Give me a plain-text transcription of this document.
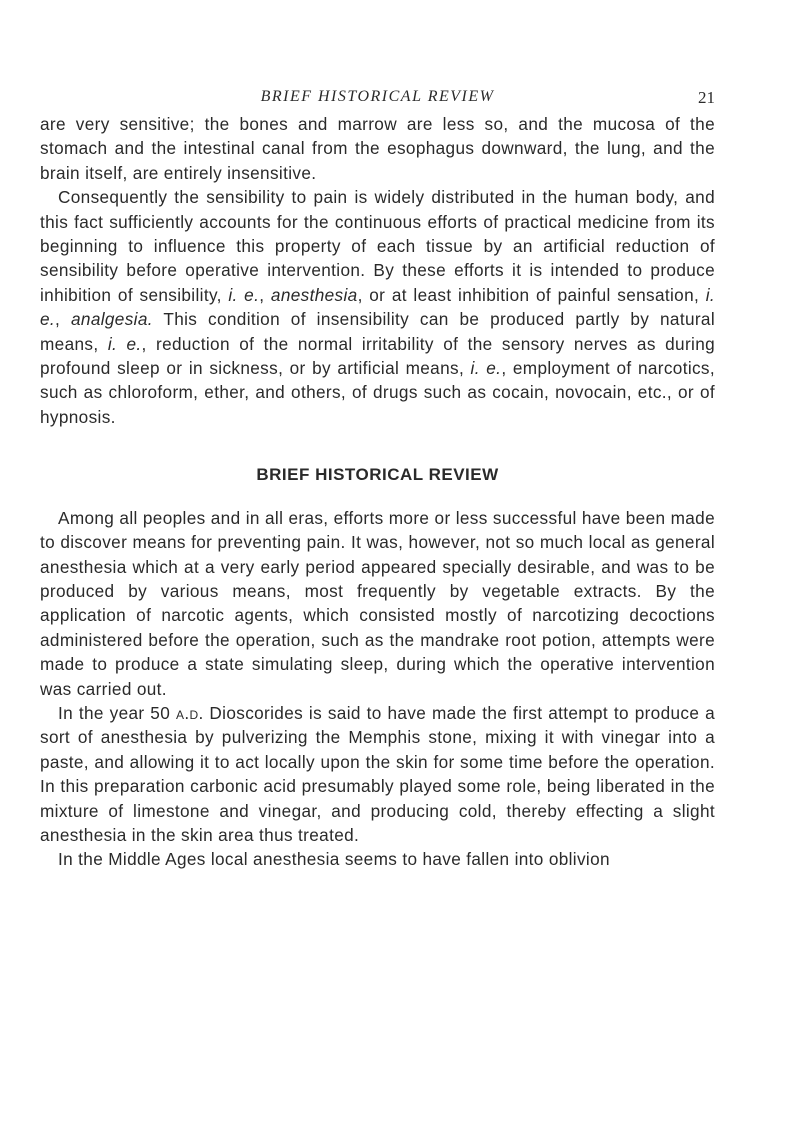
BRIEF HISTORICAL REVIEW	21

are very sensitive; the bones and marrow are less so, and the mucosa of the stomach and the intestinal canal from the esophagus downward, the lung, and the brain itself, are entirely insensitive.

Consequently the sensibility to pain is widely distributed in the human body, and this fact sufficiently accounts for the continuous efforts of practical medicine from its beginning to influence this property of each tissue by an artificial reduction of sensibility before operative intervention. By these efforts it is intended to produce inhibition of sensibility, i. e., anesthesia, or at least inhibition of painful sensation, i. e., analgesia. This condition of insensibility can be produced partly by natural means, i. e., reduction of the normal irritability of the sensory nerves as during profound sleep or in sickness, or by artificial means, i. e., employment of narcotics, such as chloroform, ether, and others, of drugs such as cocain, novocain, etc., or of hypnosis.

BRIEF HISTORICAL REVIEW

Among all peoples and in all eras, efforts more or less successful have been made to discover means for preventing pain. It was, however, not so much local as general anesthesia which at a very early period appeared specially desirable, and was to be produced by various means, most frequently by vegetable extracts. By the application of narcotic agents, which consisted mostly of narcotizing decoctions administered before the operation, such as the mandrake root potion, attempts were made to produce a state simulating sleep, during which the operative intervention was carried out.

In the year 50 a.d. Dioscorides is said to have made the first attempt to produce a sort of anesthesia by pulverizing the Memphis stone, mixing it with vinegar into a paste, and allowing it to act locally upon the skin for some time before the operation. In this preparation carbonic acid presumably played some role, being liberated in the mixture of limestone and vinegar, and producing cold, thereby effecting a slight anesthesia in the skin area thus treated.

In the Middle Ages local anesthesia seems to have fallen into oblivion
